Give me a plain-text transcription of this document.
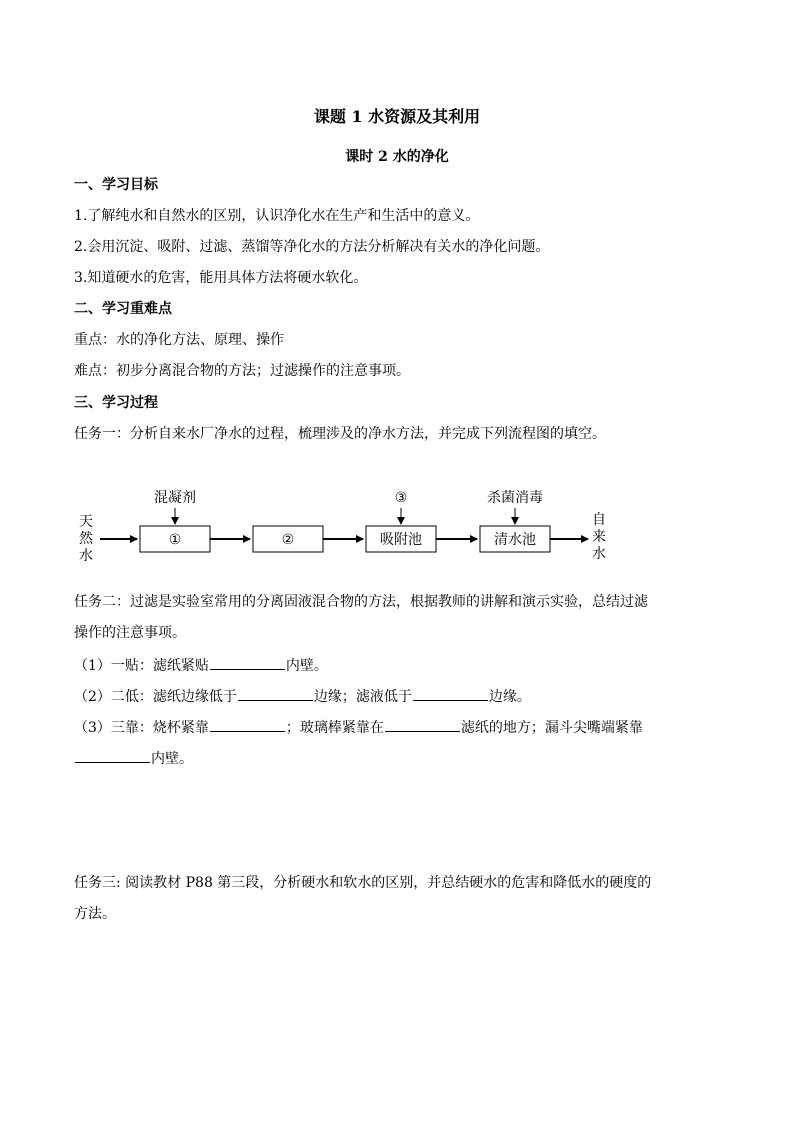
课题 1 水资源及其利用
课时 2 水的净化
一、学习目标
1.了解纯水和自然水的区别，认识净化水在生产和生活中的意义。
2.会用沉淀、吸附、过滤、蒸馏等净化水的方法分析解决有关水的净化问题。
3.知道硬水的危害，能用具体方法将硬水软化。
二、学习重难点
重点：水的净化方法、原理、操作
难点：初步分离混合物的方法；过滤操作的注意事项。
三、学习过程
任务一：分析自来水厂净水的过程，梳理涉及的净水方法，并完成下列流程图的填空。
天
然
水
自
来
水
混凝剂	③	杀菌消毒
①	②	吸附池	清水池
任务二：过滤是实验室常用的分离固液混合物的方法，根据教师的讲解和演示实验，总结过滤
操作的注意事项。
（1）一贴：滤纸紧贴	内壁。
（2）二低：滤纸边缘低于	边缘；滤液低于	边缘。
（3）三靠：烧杯紧靠	；玻璃棒紧靠在	滤纸的地方；漏斗尖嘴端紧靠
内壁。
任务三: 阅读教材 P88 第三段，分析硬水和软水的区别，并总结硬水的危害和降低水的硬度的
方法。
